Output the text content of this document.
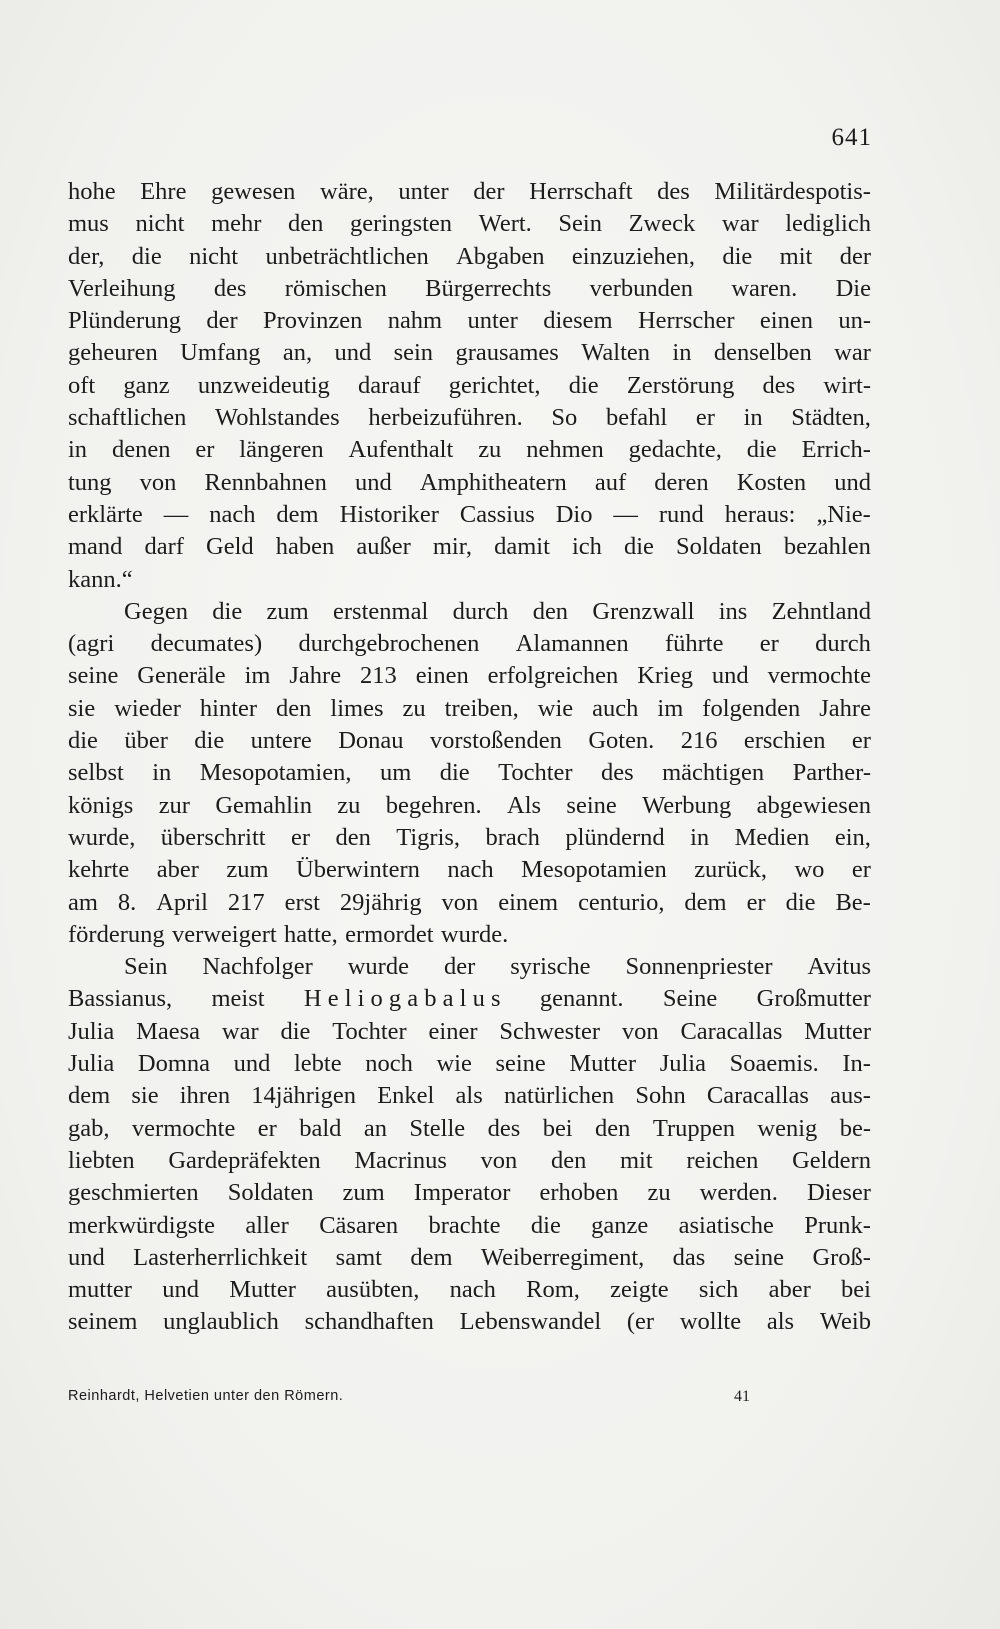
641
hohe Ehre gewesen wäre, unter der Herrschaft des Militärdespotis-
mus nicht mehr den geringsten Wert. Sein Zweck war lediglich
der, die nicht unbeträchtlichen Abgaben einzuziehen, die mit der
Verleihung des römischen Bürgerrechts verbunden waren. Die
Plünderung der Provinzen nahm unter diesem Herrscher einen un-
geheuren Umfang an, und sein grausames Walten in denselben war
oft ganz unzweideutig darauf gerichtet, die Zerstörung des wirt-
schaftlichen Wohlstandes herbeizuführen. So befahl er in Städten,
in denen er längeren Aufenthalt zu nehmen gedachte, die Errich-
tung von Rennbahnen und Amphitheatern auf deren Kosten und
erklärte — nach dem Historiker Cassius Dio — rund heraus: „Nie-
mand darf Geld haben außer mir, damit ich die Soldaten bezahlen
kann.“
Gegen die zum erstenmal durch den Grenzwall ins Zehntland
(agri decumates) durchgebrochenen Alamannen führte er durch
seine Generäle im Jahre 213 einen erfolgreichen Krieg und vermochte
sie wieder hinter den limes zu treiben, wie auch im folgenden Jahre
die über die untere Donau vorstoßenden Goten. 216 erschien er
selbst in Mesopotamien, um die Tochter des mächtigen Parther-
königs zur Gemahlin zu begehren. Als seine Werbung abgewiesen
wurde, überschritt er den Tigris, brach plündernd in Medien ein,
kehrte aber zum Überwintern nach Mesopotamien zurück, wo er
am 8. April 217 erst 29jährig von einem centurio, dem er die Be-
förderung verweigert hatte, ermordet wurde.
Sein Nachfolger wurde der syrische Sonnenpriester Avitus
Bassianus, meist H e l i o g a b a l u s genannt. Seine Großmutter
Julia Maesa war die Tochter einer Schwester von Caracallas Mutter
Julia Domna und lebte noch wie seine Mutter Julia Soaemis. In-
dem sie ihren 14jährigen Enkel als natürlichen Sohn Caracallas aus-
gab, vermochte er bald an Stelle des bei den Truppen wenig be-
liebten Gardepräfekten Macrinus von den mit reichen Geldern
geschmierten Soldaten zum Imperator erhoben zu werden. Dieser
merkwürdigste aller Cäsaren brachte die ganze asiatische Prunk-
und Lasterherrlichkeit samt dem Weiberregiment, das seine Groß-
mutter und Mutter ausübten, nach Rom, zeigte sich aber bei
seinem unglaublich schandhaften Lebenswandel (er wollte als Weib
Reinhardt, Helvetien unter den Römern.	41
